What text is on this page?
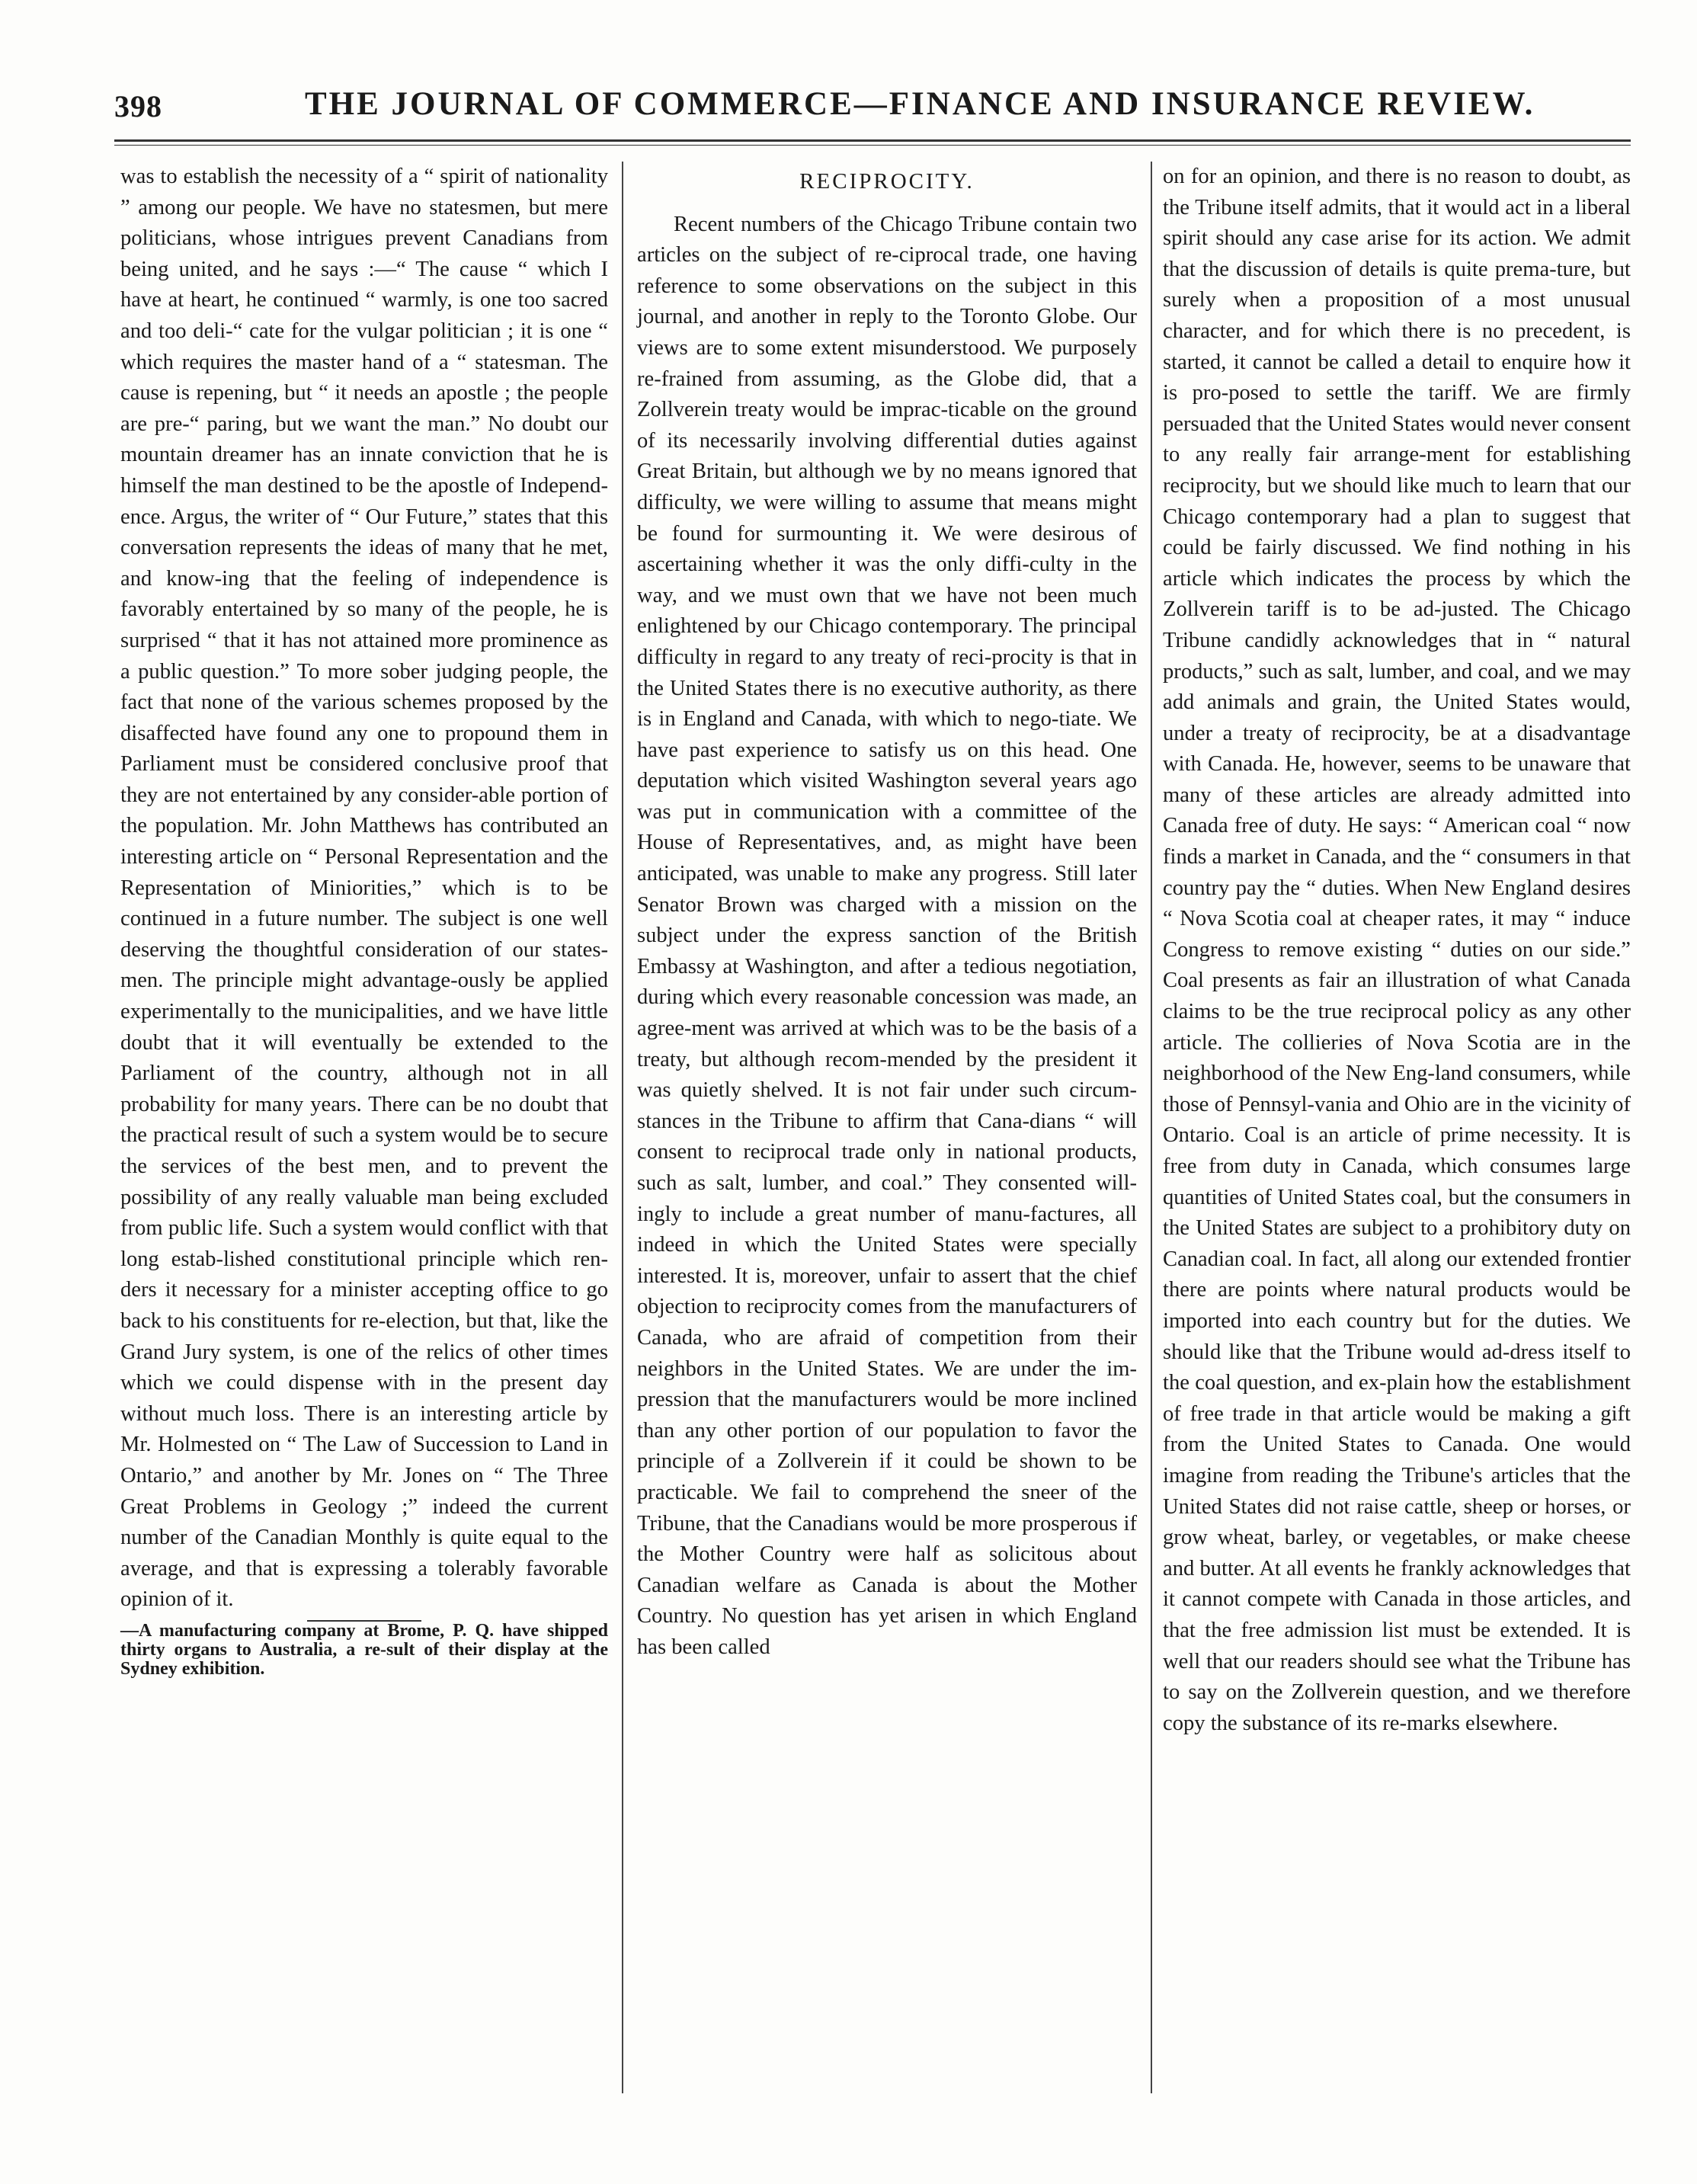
398	THE JOURNAL OF COMMERCE—FINANCE AND INSURANCE REVIEW.

was to establish the necessity of a “ spirit of nationality ” among our people. We have no statesmen, but mere politicians, whose intrigues prevent Canadians from being united, and he says :—“ The cause “ which I have at heart, he continued “ warmly, is one too sacred and too deli-“ cate for the vulgar politician ; it is one “ which requires the master hand of a “ statesman. The cause is repening, but “ it needs an apostle ; the people are pre-“ paring, but we want the man.” No doubt our mountain dreamer has an innate conviction that he is himself the man destined to be the apostle of Independ-ence. Argus, the writer of “ Our Future,” states that this conversation represents the ideas of many that he met, and know-ing that the feeling of independence is favorably entertained by so many of the people, he is surprised “ that it has not attained more prominence as a public question.” To more sober judging people, the fact that none of the various schemes proposed by the disaffected have found any one to propound them in Parliament must be considered conclusive proof that they are not entertained by any consider-able portion of the population. Mr. John Matthews has contributed an interesting article on “ Personal Representation and the Representation of Miniorities,” which is to be continued in a future number. The subject is one well deserving the thoughtful consideration of our states-men. The principle might advantage-ously be applied experimentally to the municipalities, and we have little doubt that it will eventually be extended to the Parliament of the country, although not in all probability for many years. There can be no doubt that the practical result of such a system would be to secure the services of the best men, and to prevent the possibility of any really valuable man being excluded from public life. Such a system would conflict with that long estab-lished constitutional principle which ren-ders it necessary for a minister accepting office to go back to his constituents for re-election, but that, like the Grand Jury system, is one of the relics of other times which we could dispense with in the present day without much loss. There is an interesting article by Mr. Holmested on “ The Law of Succession to Land in Ontario,” and another by Mr. Jones on “ The Three Great Problems in Geology ;” indeed the current number of the Canadian Monthly is quite equal to the average, and that is expressing a tolerably favorable opinion of it.

—A manufacturing company at Brome, P. Q. have shipped thirty organs to Australia, a re-sult of their display at the Sydney exhibition.

RECIPROCITY.

Recent numbers of the Chicago Tribune contain two articles on the subject of re-ciprocal trade, one having reference to some observations on the subject in this journal, and another in reply to the Toronto Globe. Our views are to some extent misunderstood. We purposely re-frained from assuming, as the Globe did, that a Zollverein treaty would be imprac-ticable on the ground of its necessarily involving differential duties against Great Britain, but although we by no means ignored that difficulty, we were willing to assume that means might be found for surmounting it. We were desirous of ascertaining whether it was the only diffi-culty in the way, and we must own that we have not been much enlightened by our Chicago contemporary. The principal difficulty in regard to any treaty of reci-procity is that in the United States there is no executive authority, as there is in England and Canada, with which to nego-tiate. We have past experience to satisfy us on this head. One deputation which visited Washington several years ago was put in communication with a committee of the House of Representatives, and, as might have been anticipated, was unable to make any progress. Still later Senator Brown was charged with a mission on the subject under the express sanction of the British Embassy at Washington, and after a tedious negotiation, during which every reasonable concession was made, an agree-ment was arrived at which was to be the basis of a treaty, but although recom-mended by the president it was quietly shelved. It is not fair under such circum-stances in the Tribune to affirm that Cana-dians “ will consent to reciprocal trade only in national products, such as salt, lumber, and coal.” They consented will-ingly to include a great number of manu-factures, all indeed in which the United States were specially interested. It is, moreover, unfair to assert that the chief objection to reciprocity comes from the manufacturers of Canada, who are afraid of competition from their neighbors in the United States. We are under the im-pression that the manufacturers would be more inclined than any other portion of our population to favor the principle of a Zollverein if it could be shown to be practicable. We fail to comprehend the sneer of the Tribune, that the Canadians would be more prosperous if the Mother Country were half as solicitous about Canadian welfare as Canada is about the Mother Country. No question has yet arisen in which England has been called

on for an opinion, and there is no reason to doubt, as the Tribune itself admits, that it would act in a liberal spirit should any case arise for its action. We admit that the discussion of details is quite prema-ture, but surely when a proposition of a most unusual character, and for which there is no precedent, is started, it cannot be called a detail to enquire how it is pro-posed to settle the tariff. We are firmly persuaded that the United States would never consent to any really fair arrange-ment for establishing reciprocity, but we should like much to learn that our Chicago contemporary had a plan to suggest that could be fairly discussed. We find nothing in his article which indicates the process by which the Zollverein tariff is to be ad-justed. The Chicago Tribune candidly acknowledges that in “ natural products,” such as salt, lumber, and coal, and we may add animals and grain, the United States would, under a treaty of reciprocity, be at a disadvantage with Canada. He, however, seems to be unaware that many of these articles are already admitted into Canada free of duty. He says: “ American coal “ now finds a market in Canada, and the “ consumers in that country pay the “ duties. When New England desires “ Nova Scotia coal at cheaper rates, it may “ induce Congress to remove existing “ duties on our side.” Coal presents as fair an illustration of what Canada claims to be the true reciprocal policy as any other article. The collieries of Nova Scotia are in the neighborhood of the New Eng-land consumers, while those of Pennsyl-vania and Ohio are in the vicinity of Ontario. Coal is an article of prime necessity. It is free from duty in Canada, which consumes large quantities of United States coal, but the consumers in the United States are subject to a prohibitory duty on Canadian coal. In fact, all along our extended frontier there are points where natural products would be imported into each country but for the duties. We should like that the Tribune would ad-dress itself to the coal question, and ex-plain how the establishment of free trade in that article would be making a gift from the United States to Canada. One would imagine from reading the Tribune's articles that the United States did not raise cattle, sheep or horses, or grow wheat, barley, or vegetables, or make cheese and butter. At all events he frankly acknowledges that it cannot compete with Canada in those articles, and that the free admission list must be extended. It is well that our readers should see what the Tribune has to say on the Zollverein question, and we therefore copy the substance of its re-marks elsewhere.
